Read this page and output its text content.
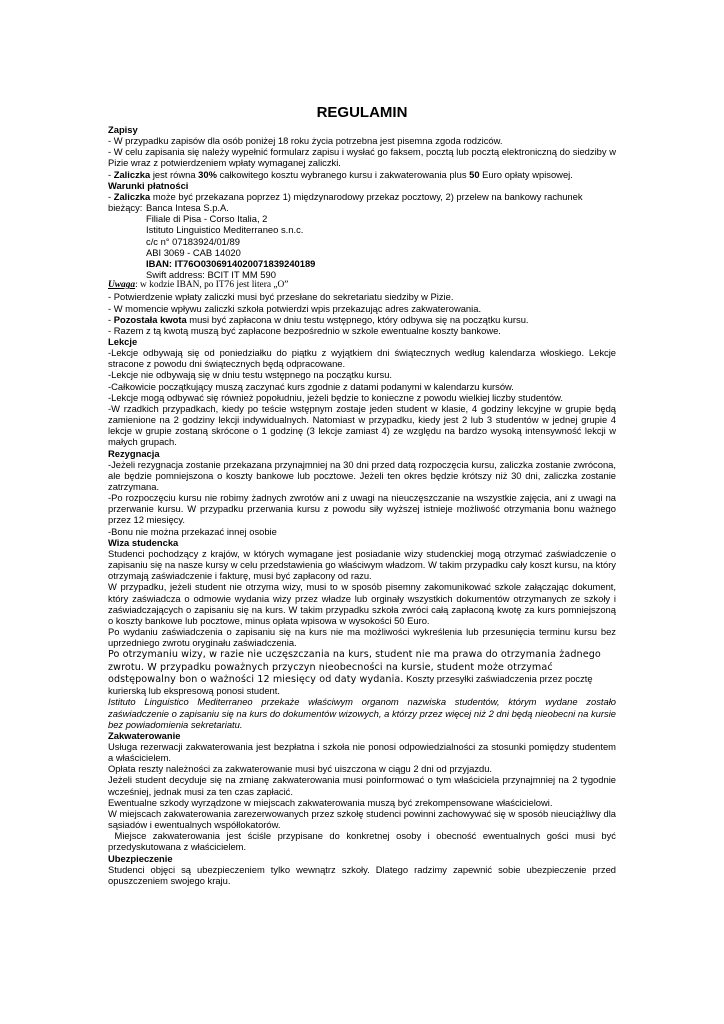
REGULAMIN
Zapisy

- W przypadku zapisów dla osób poniżej 18 roku życia potrzebna jest pisemna zgoda rodziców.

- W celu zapisania się należy wypełnić formularz zapisu i wysłać go faksem, pocztą lub pocztą elektroniczną do siedziby w Pizie wraz z potwierdzeniem wpłaty wymaganej zaliczki.

- Zaliczka jest równa 30% całkowitego kosztu wybranego kursu i zakwaterowania plus 50 Euro opłaty wpisowej.

Warunki płatności

- Zaliczka może być przekazana poprzez 1) międzynarodowy przekaz pocztowy, 2) przelew na bankowy rachunek

bieżący: Banca Intesa S.p.A.
Filiale di Pisa - Corso Italia, 2
Istituto Linguistico Mediterraneo s.n.c.
c/c n° 07183924/01/89
ABI 3069 - CAB 14020
IBAN: IT76O0306914020071839240189
Swift address: BCIT IT MM 590

Uwaga: w kodzie IBAN, po IT76 jest litera „O”

- Potwierdzenie wpłaty zaliczki musi być przesłane do sekretariatu siedziby w Pizie.

- W momencie wpływu zaliczki szkoła potwierdzi wpis przekazując adres zakwaterowania.

- Pozostała kwota musi być zapłacona w dniu testu wstępnego, który odbywa się na początku kursu.

- Razem z tą kwotą muszą być zapłacone bezpośrednio w szkole ewentualne koszty bankowe.

Lekcje

-Lekcje odbywają się od poniedziałku do piątku z wyjątkiem dni świątecznych według kalendarza włoskiego. Lekcje stracone z powodu dni świątecznych będą odpracowane.

-Lekcje nie odbywają się w dniu testu wstępnego na początku kursu.

-Całkowicie początkujący muszą zaczynać kurs zgodnie z datami podanymi w kalendarzu kursów.

-Lekcje mogą odbywać się również popołudniu, jeżeli będzie to konieczne z powodu wielkiej liczby studentów.

-W rzadkich przypadkach, kiedy po teście wstępnym zostaje jeden student w klasie, 4 godziny lekcyjne w grupie będą zamienione na 2 godziny lekcji indywidualnych. Natomiast w przypadku, kiedy jest 2 lub 3 studentów w jednej grupie 4 lekcje w grupie zostaną skrócone o 1 godzinę (3 lekcje zamiast 4) ze względu na bardzo wysoką intensywność lekcji w małych grupach.

Rezygnacja

-Jeżeli rezygnacja zostanie przekazana przynajmniej na 30 dni przed datą rozpoczęcia kursu, zaliczka zostanie zwrócona, ale będzie pomniejszona o koszty bankowe lub pocztowe. Jeżeli ten okres będzie krótszy niż 30 dni, zaliczka zostanie zatrzymana.

-Po rozpoczęciu kursu nie robimy żadnych zwrotów ani z uwagi na nieuczęszczanie na wszystkie zajęcia, ani z uwagi na przerwanie kursu. W przypadku przerwania kursu z powodu siły wyższej istnieje możliwość otrzymania bonu ważnego przez 12 miesięcy.

-Bonu nie można przekazać innej osobie

Wiza studencka

Studenci pochodzący z krajów, w których wymagane jest posiadanie wizy studenckiej mogą otrzymać zaświadczenie o zapisaniu się na nasze kursy w celu przedstawienia go właściwym władzom. W takim przypadku cały koszt kursu, na który otrzymają zaświadczenie i fakturę, musi być zapłacony od razu.

W przypadku, jeżeli student nie otrzyma wizy, musi to w sposób pisemny zakomunikować szkole załączając dokument, który zaświadcza o odmowie wydania wizy przez władze lub orginały wszystkich dokumentów otrzymanych ze szkoły i zaświadczających o zapisaniu się na kurs. W takim przypadku szkoła zwróci całą zapłaconą kwotę za kurs pomniejszoną o koszty bankowe lub pocztowe, minus opłata wpisowa w wysokości 50 Euro.

Po wydaniu zaświadczenia o zapisaniu się na kurs nie ma możliwości wykreślenia lub przesunięcia terminu kursu bez uprzedniego zwrotu oryginału zaświadczenia.

Po otrzymaniu wizy, w razie nie uczęszczania na kurs, student nie ma prawa do otrzymania żadnego zwrotu. W przypadku poważnych przyczyn nieobecności na kursie, student może otrzymać odstępowalny bon o ważności 12 miesięcy od daty wydania. Koszty przesyłki zaświadczenia przez pocztę kurierską lub ekspresową ponosi student.

Istituto Linguistico Mediterraneo przekaże właściwym organom nazwiska studentów, którym wydane zostało zaświadczenie o zapisaniu się na kurs do dokumentów wizowych, a którzy przez więcej niż 2 dni będą nieobecni na kursie bez powiadomienia sekretariatu.

Zakwaterowanie

Usługa rezerwacji zakwaterowania jest bezpłatna i szkoła nie ponosi odpowiedzialności za stosunki pomiędzy studentem a właścicielem.

Opłata reszty należności za zakwaterowanie musi być uiszczona w ciągu 2 dni od przyjazdu.

Jeżeli student decyduje się na zmianę zakwaterowania musi poinformować o tym właściciela przynajmniej na 2 tygodnie wcześniej, jednak musi za ten czas zapłacić.

Ewentualne szkody wyrządzone w miejscach zakwaterowania muszą być zrekompensowane właścicielowi.

W miejscach zakwaterowania zarezerwowanych przez szkołę studenci powinni zachowywać się w sposób nieuciążliwy dla sąsiadów i ewentualnych współlokatorów.

Miejsce zakwaterowania jest ściśle przypisane do konkretnej osoby i obecność ewentualnych gości musi być przedyskutowana z właścicielem.

Ubezpieczenie

Studenci objęci są ubezpieczeniem tylko wewnątrz szkoły. Dlatego radzimy zapewnić sobie ubezpieczenie przed opuszczeniem swojego kraju.
